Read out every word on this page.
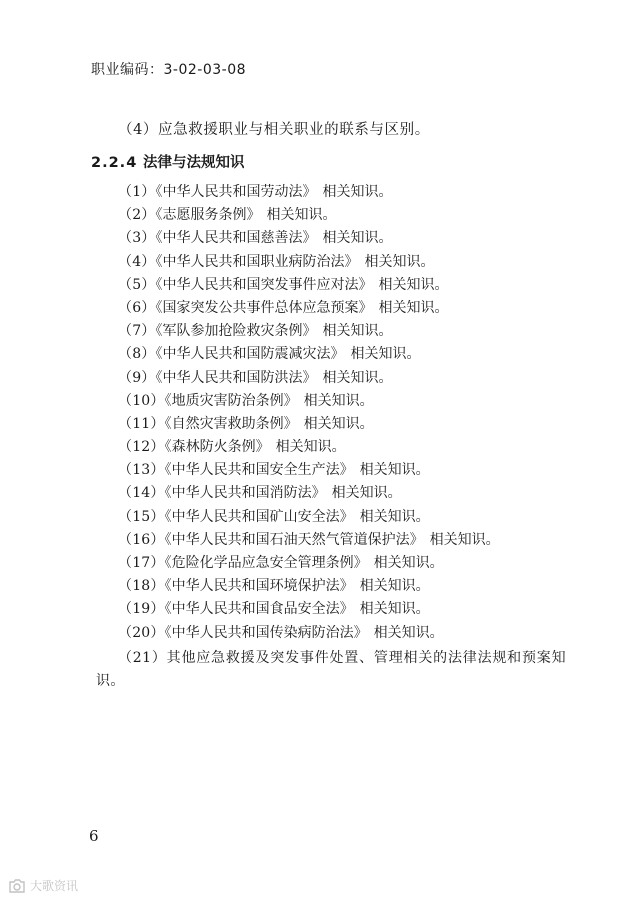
职业编码：3-02-03-08
（4）应急救援职业与相关职业的联系与区别。
2.2.4 法律与法规知识
（1）《中华人民共和国劳动法》 相关知识。
（2）《志愿服务条例》 相关知识。
（3）《中华人民共和国慈善法》 相关知识。
（4）《中华人民共和国职业病防治法》 相关知识。
（5）《中华人民共和国突发事件应对法》 相关知识。
（6）《国家突发公共事件总体应急预案》 相关知识。
（7）《军队参加抢险救灾条例》 相关知识。
（8）《中华人民共和国防震减灾法》 相关知识。
（9）《中华人民共和国防洪法》 相关知识。
（10）《地质灾害防治条例》 相关知识。
（11）《自然灾害救助条例》 相关知识。
（12）《森林防火条例》 相关知识。
（13）《中华人民共和国安全生产法》 相关知识。
（14）《中华人民共和国消防法》 相关知识。
（15）《中华人民共和国矿山安全法》 相关知识。
（16）《中华人民共和国石油天然气管道保护法》 相关知识。
（17）《危险化学品应急安全管理条例》 相关知识。
（18）《中华人民共和国环境保护法》 相关知识。
（19）《中华人民共和国食品安全法》 相关知识。
（20）《中华人民共和国传染病防治法》 相关知识。
（21）其他应急救援及突发事件处置、管理相关的法律法规和预案知识。
6
大歌资讯
